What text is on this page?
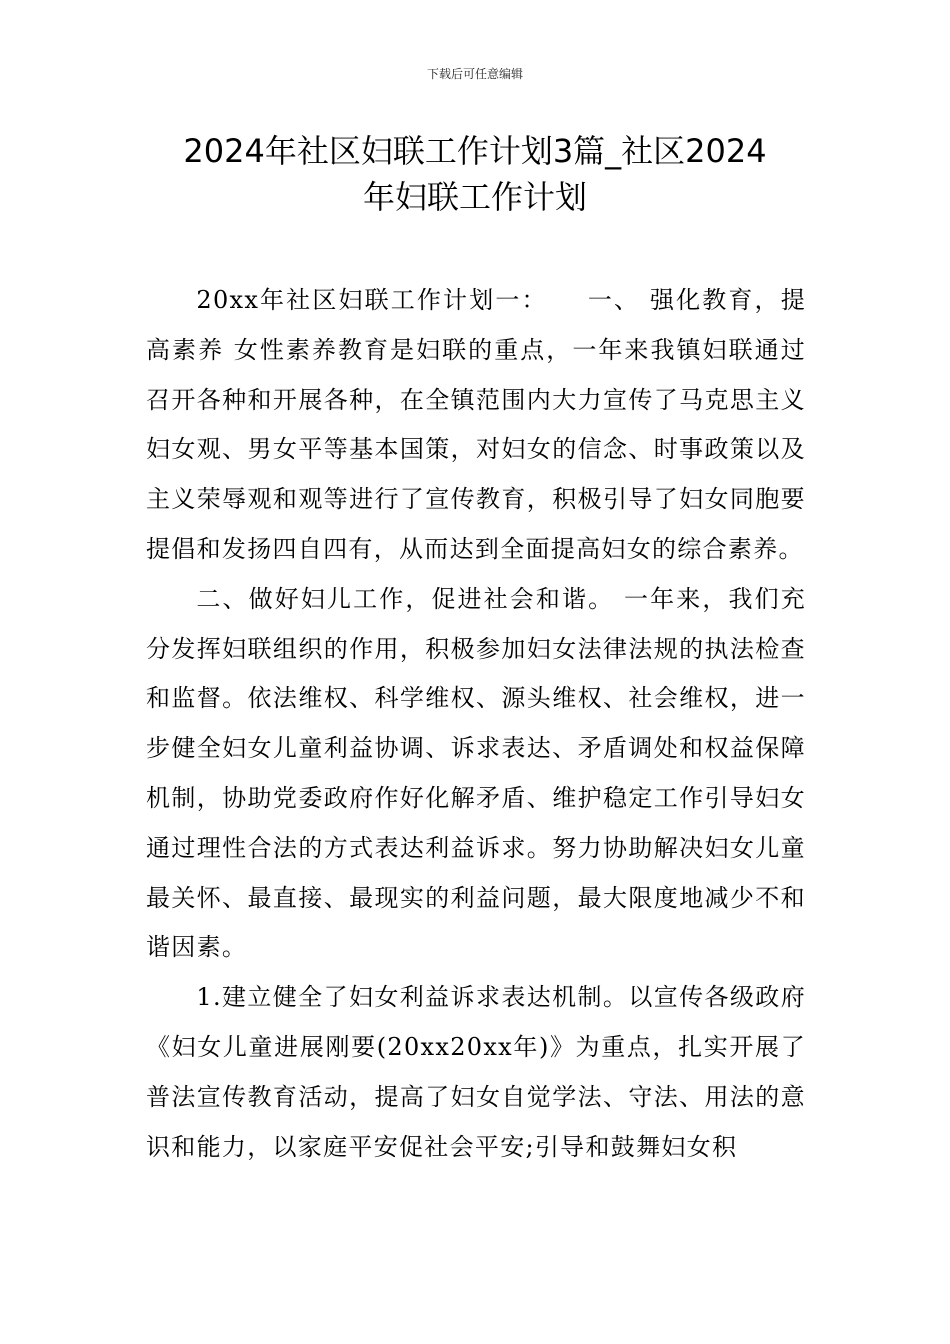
下载后可任意编辑
2024年社区妇联工作计划3篇_社区2024
年妇联工作计划

20xx年社区妇联工作计划一：　　一、 强化教育，提高素养 女性素养教育是妇联的重点，一年来我镇妇联通过召开各种和开展各种，在全镇范围内大力宣传了马克思主义妇女观、男女平等基本国策，对妇女的信念、时事政策以及主义荣辱观和观等进行了宣传教育，积极引导了妇女同胞要提倡和发扬四自四有，从而达到全面提高妇女的综合素养。

二、做好妇儿工作，促进社会和谐。 一年来，我们充分发挥妇联组织的作用，积极参加妇女法律法规的执法检查和监督。依法维权、科学维权、源头维权、社会维权，进一步健全妇女儿童利益协调、诉求表达、矛盾调处和权益保障机制，协助党委政府作好化解矛盾、维护稳定工作引导妇女通过理性合法的方式表达利益诉求。努力协助解决妇女儿童最关怀、最直接、最现实的利益问题，最大限度地减少不和谐因素。

1.建立健全了妇女利益诉求表达机制。以宣传各级政府《妇女儿童进展刚要(20xx20xx年)》为重点，扎实开展了普法宣传教育活动，提高了妇女自觉学法、守法、用法的意识和能力，以家庭平安促社会平安;引导和鼓舞妇女积
